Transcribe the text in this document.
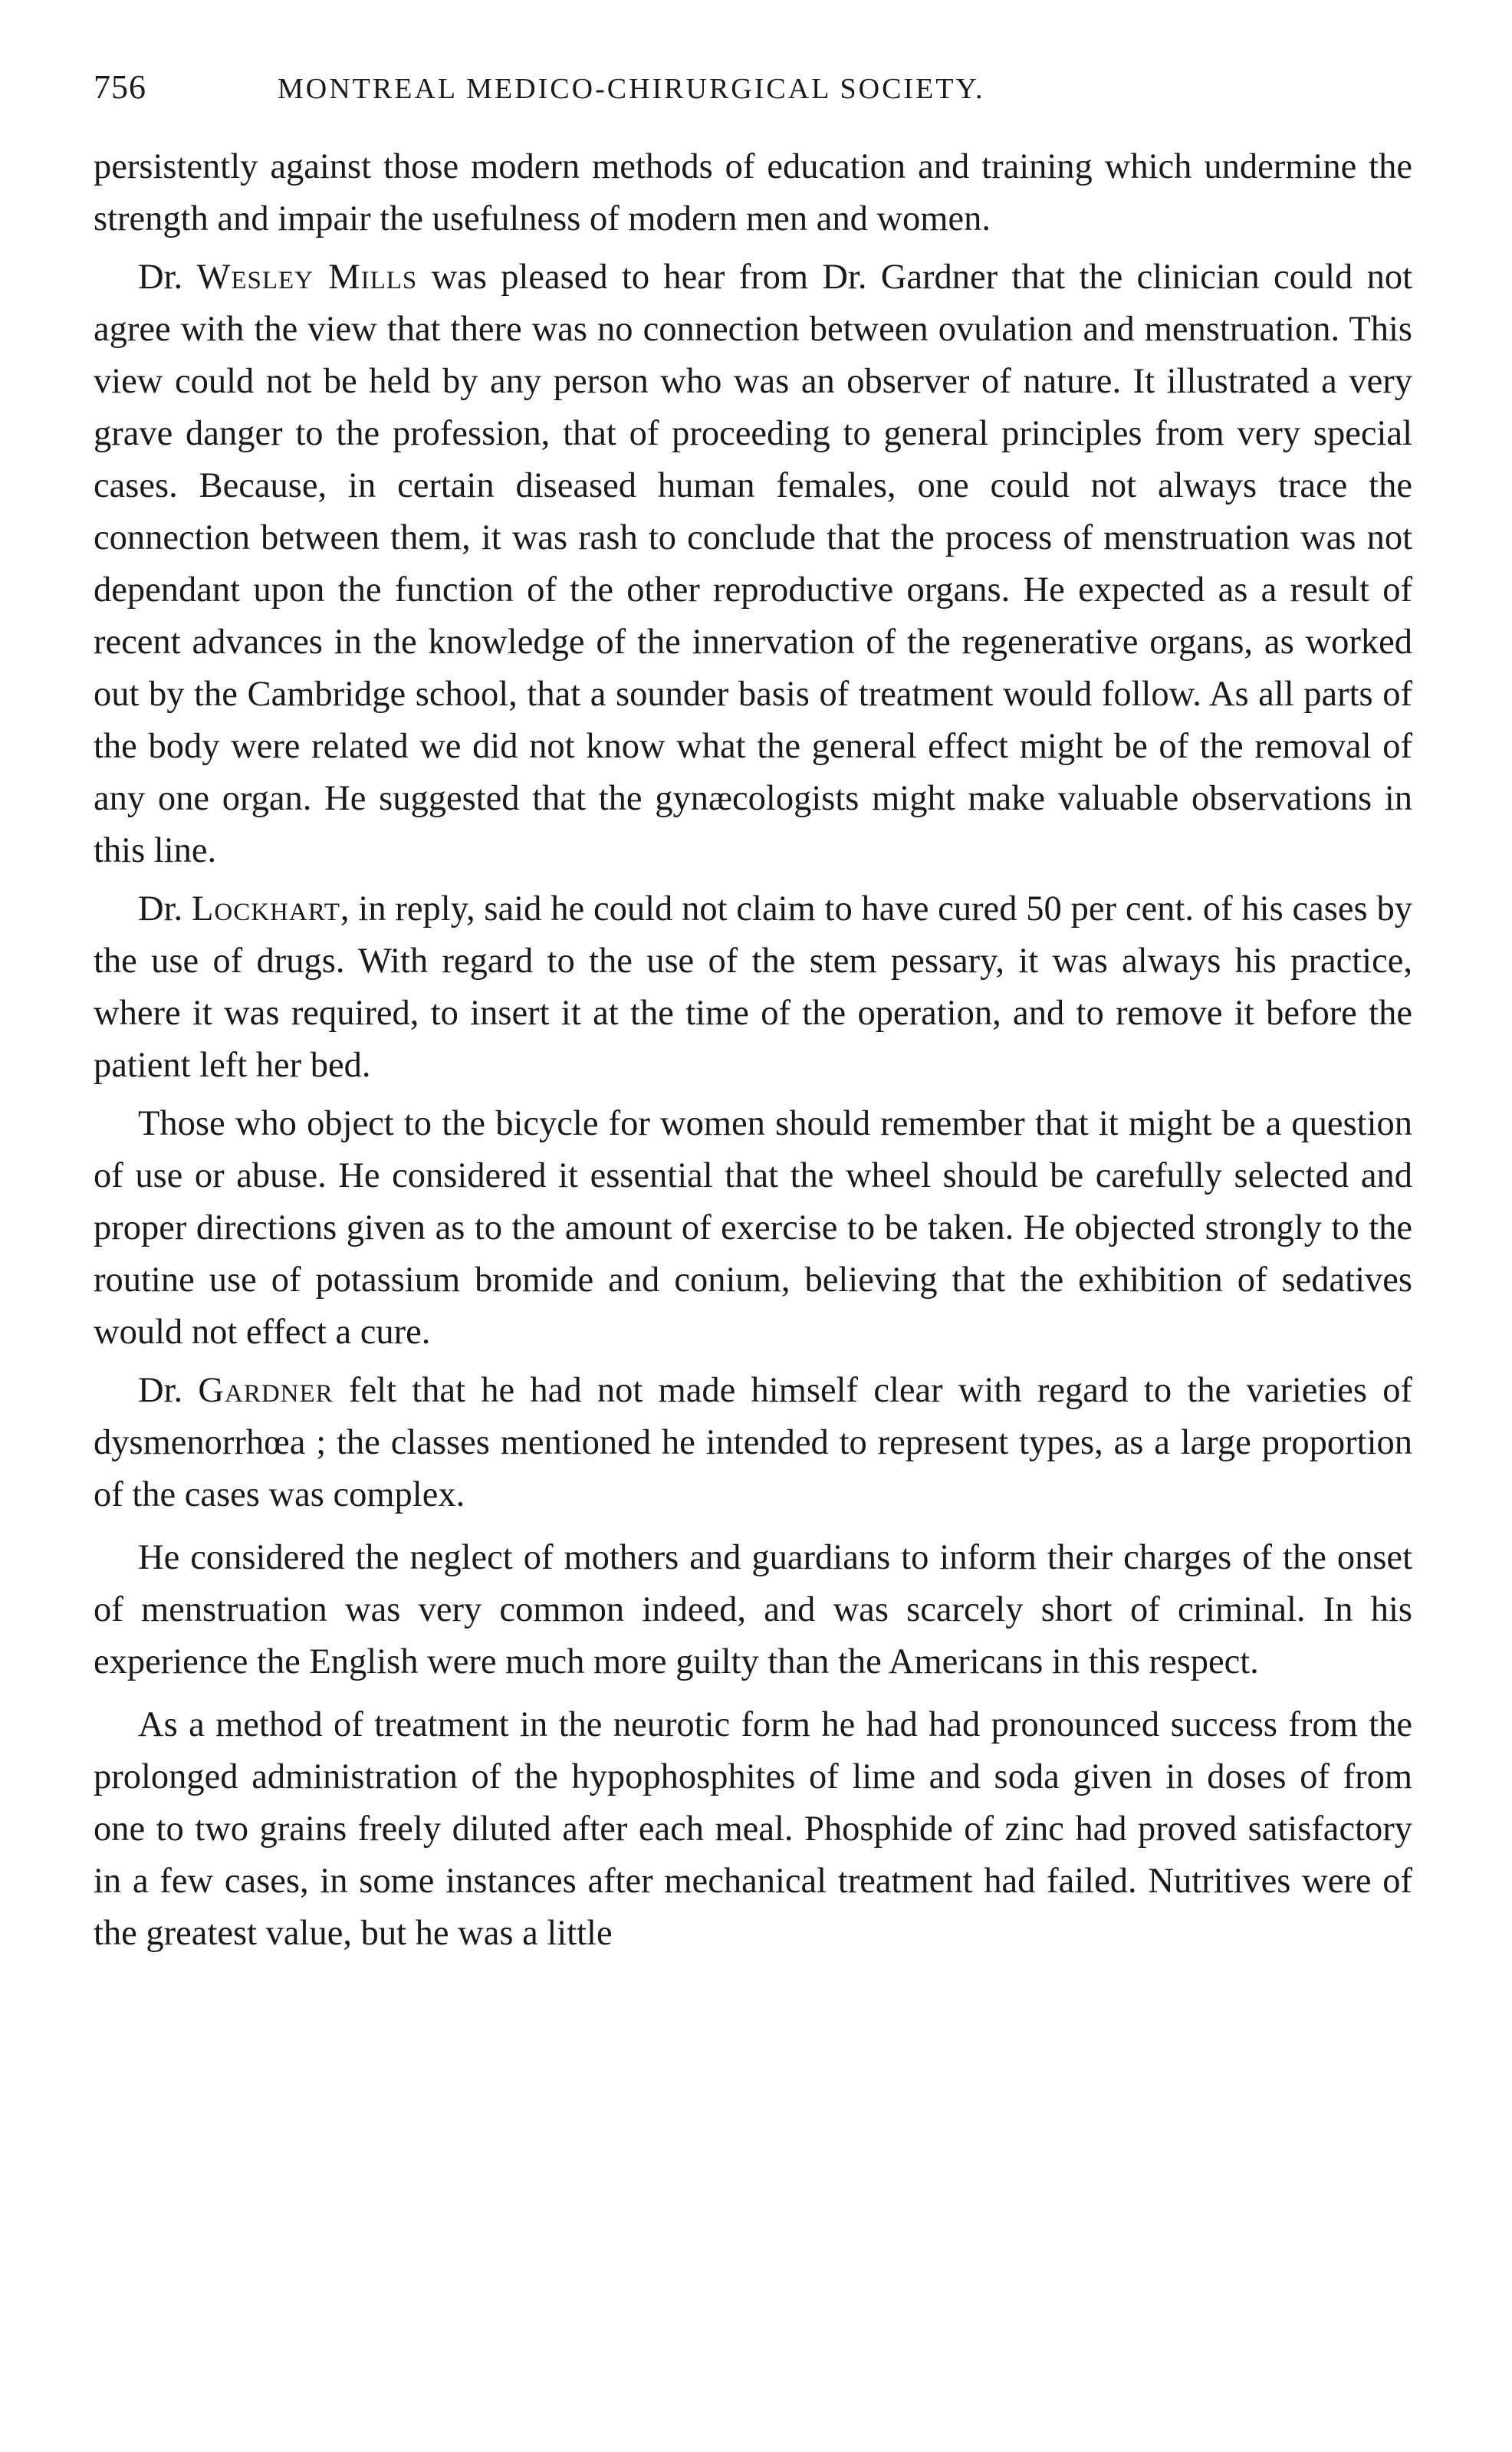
756	MONTREAL MEDICO-CHIRURGICAL SOCIETY.

persistently against those modern methods of education and training which undermine the strength and impair the usefulness of modern men and women.

Dr. Wesley Mills was pleased to hear from Dr. Gardner that the clinician could not agree with the view that there was no connection between ovulation and menstruation. This view could not be held by any person who was an observer of nature. It illustrated a very grave danger to the profession, that of proceeding to general principles from very special cases. Because, in certain diseased human females, one could not always trace the connection between them, it was rash to conclude that the process of menstruation was not dependant upon the function of the other reproductive organs. He expected as a result of recent advances in the knowledge of the innervation of the regenerative organs, as worked out by the Cambridge school, that a sounder basis of treatment would follow. As all parts of the body were related we did not know what the general effect might be of the removal of any one organ. He suggested that the gynæcologists might make valuable observations in this line.

Dr. Lockhart, in reply, said he could not claim to have cured 50 per cent. of his cases by the use of drugs. With regard to the use of the stem pessary, it was always his practice, where it was required, to insert it at the time of the operation, and to remove it before the patient left her bed.

Those who object to the bicycle for women should remember that it might be a question of use or abuse. He considered it essential that the wheel should be carefully selected and proper directions given as to the amount of exercise to be taken. He objected strongly to the routine use of potassium bromide and conium, believing that the exhibition of sedatives would not effect a cure.

Dr. Gardner felt that he had not made himself clear with regard to the varieties of dysmenorrhœa ; the classes mentioned he intended to represent types, as a large proportion of the cases was complex.

He considered the neglect of mothers and guardians to inform their charges of the onset of menstruation was very common indeed, and was scarcely short of criminal. In his experience the English were much more guilty than the Americans in this respect.

As a method of treatment in the neurotic form he had had pronounced success from the prolonged administration of the hypophosphites of lime and soda given in doses of from one to two grains freely diluted after each meal. Phosphide of zinc had proved satisfactory in a few cases, in some instances after mechanical treatment had failed. Nutritives were of the greatest value, but he was a little
